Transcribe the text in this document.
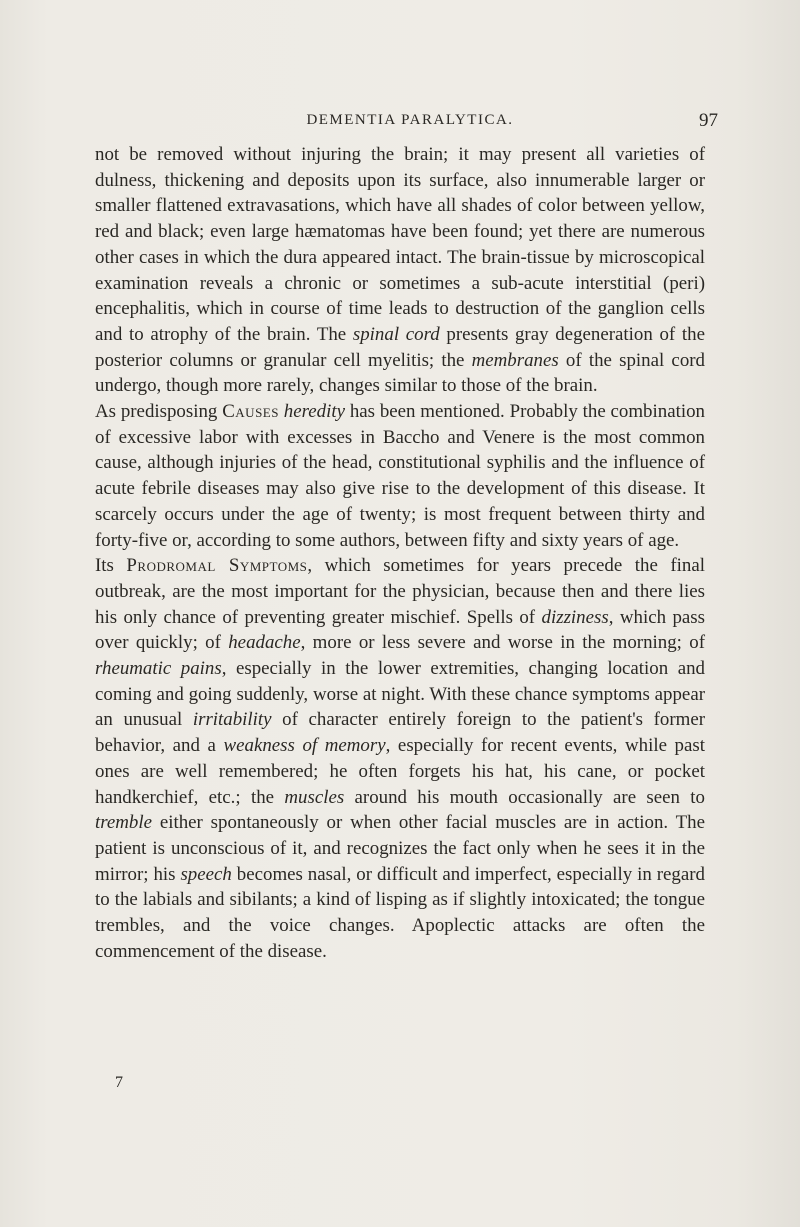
DEMENTIA PARALYTICA.	97

not be removed without injuring the brain; it may present all varieties of dulness, thickening and deposits upon its surface, also innumerable larger or smaller flattened extravasations, which have all shades of color between yellow, red and black; even large hæmatomas have been found; yet there are numerous other cases in which the dura appeared intact. The brain-tissue by microscopical examination reveals a chronic or sometimes a sub-acute interstitial (peri) encephalitis, which in course of time leads to destruction of the ganglion cells and to atrophy of the brain. The spinal cord presents gray degeneration of the posterior columns or granular cell myelitis; the membranes of the spinal cord undergo, though more rarely, changes similar to those of the brain.

As predisposing Causes heredity has been mentioned. Probably the combination of excessive labor with excesses in Baccho and Venere is the most common cause, although injuries of the head, constitutional syphilis and the influence of acute febrile diseases may also give rise to the development of this disease. It scarcely occurs under the age of twenty; is most frequent between thirty and forty-five or, according to some authors, between fifty and sixty years of age.

Its Prodromal Symptoms, which sometimes for years precede the final outbreak, are the most important for the physician, because then and there lies his only chance of preventing greater mischief. Spells of dizziness, which pass over quickly; of headache, more or less severe and worse in the morning; of rheumatic pains, especially in the lower extremities, changing location and coming and going suddenly, worse at night. With these chance symptoms appear an unusual irritability of character entirely foreign to the patient's former behavior, and a weakness of memory, especially for recent events, while past ones are well remembered; he often forgets his hat, his cane, or pocket handkerchief, etc.; the muscles around his mouth occasionally are seen to tremble either spontaneously or when other facial muscles are in action. The patient is unconscious of it, and recognizes the fact only when he sees it in the mirror; his speech becomes nasal, or difficult and imperfect, especially in regard to the labials and sibilants; a kind of lisping as if slightly intoxicated; the tongue trembles, and the voice changes. Apoplectic attacks are often the commencement of the disease.

7
